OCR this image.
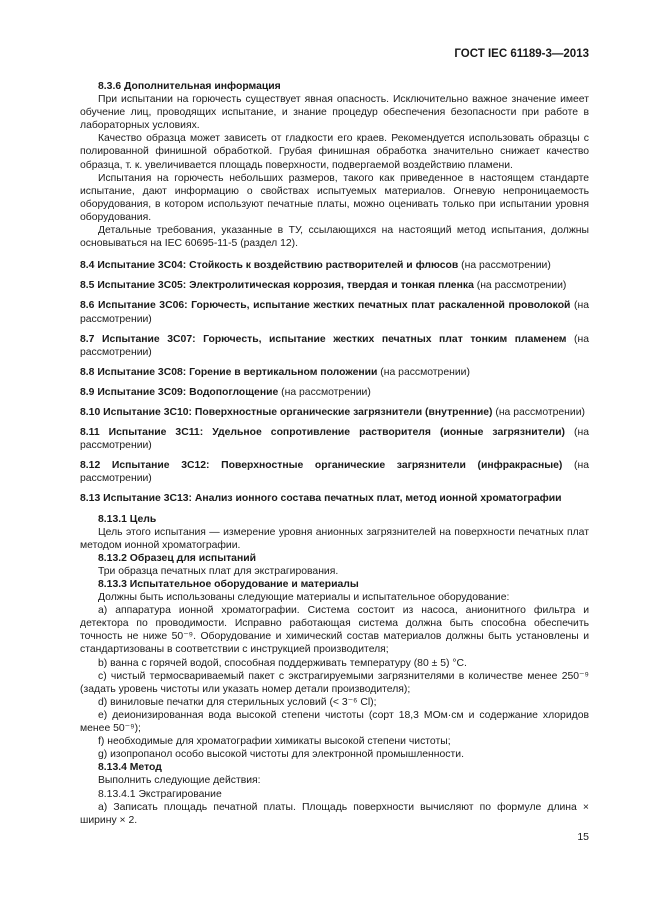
ГОСТ IEC 61189-3—2013
8.3.6 Дополнительная информация

При испытании на горючесть существует явная опасность. Исключительно важное значение имеет обучение лиц, проводящих испытание, и знание процедур обеспечения безопасности при работе в лабораторных условиях.

Качество образца может зависеть от гладкости его краев. Рекомендуется использовать образцы с полированной финишной обработкой. Грубая финишная обработка значительно снижает качество образца, т. к. увеличивается площадь поверхности, подвергаемой воздействию пламени.

Испытания на горючесть небольших размеров, такого как приведенное в настоящем стандарте испытание, дают информацию о свойствах испытуемых материалов. Огневую непроницаемость оборудования, в котором используют печатные платы, можно оценивать только при испытании уровня оборудования.

Детальные требования, указанные в ТУ, ссылающихся на настоящий метод испытания, должны основываться на IEC 60695-11-5 (раздел 12).

8.4 Испытание 3С04: Стойкость к воздействию растворителей и флюсов (на рассмотрении)
8.5 Испытание 3С05: Электролитическая коррозия, твердая и тонкая пленка (на рассмотрении)
8.6 Испытание 3С06: Горючесть, испытание жестких печатных плат раскаленной проволокой (на рассмотрении)
8.7 Испытание 3С07: Горючесть, испытание жестких печатных плат тонким пламенем (на рассмотрении)
8.8 Испытание 3С08: Горение в вертикальном положении (на рассмотрении)
8.9 Испытание 3С09: Водопоглощение (на рассмотрении)
8.10 Испытание 3С10: Поверхностные органические загрязнители (внутренние) (на рассмотрении)
8.11 Испытание 3С11: Удельное сопротивление растворителя (ионные загрязнители) (на рассмотрении)
8.12 Испытание 3С12: Поверхностные органические загрязнители (инфракрасные) (на рассмотрении)
8.13 Испытание 3С13: Анализ ионного состава печатных плат, метод ионной хроматографии
8.13.1 Цель

Цель этого испытания — измерение уровня анионных загрязнителей на поверхности печатных плат методом ионной хроматографии.

8.13.2 Образец для испытаний

Три образца печатных плат для экстрагирования.

8.13.3 Испытательное оборудование и материалы

Должны быть использованы следующие материалы и испытательное оборудование:

a) аппаратура ионной хроматографии. Система состоит из насоса, анионитного фильтра и детектора по проводимости. Исправно работающая система должна быть способна обеспечить точность не ниже 50⁻⁹. Оборудование и химический состав материалов должны быть установлены и стандартизованы в соответствии с инструкцией производителя;

b) ванна с горячей водой, способная поддерживать температуру (80 ± 5) °С.

c) чистый термосвариваемый пакет с экстрагируемыми загрязнителями в количестве менее 250⁻⁹ (задать уровень чистоты или указать номер детали производителя);

d) виниловые печатки для стерильных условий (< 3⁻⁶ Cl);

e) деионизированная вода высокой степени чистоты (сорт 18,3 МОм·см и содержание хлоридов менее 50⁻⁹);

f) необходимые для хроматографии химикаты высокой степени чистоты;

g) изопропанол особо высокой чистоты для электронной промышленности.

8.13.4 Метод

Выполнить следующие действия:

8.13.4.1 Экстрагирование

a) Записать площадь печатной платы. Площадь поверхности вычисляют по формуле длина × ширину × 2.

15
